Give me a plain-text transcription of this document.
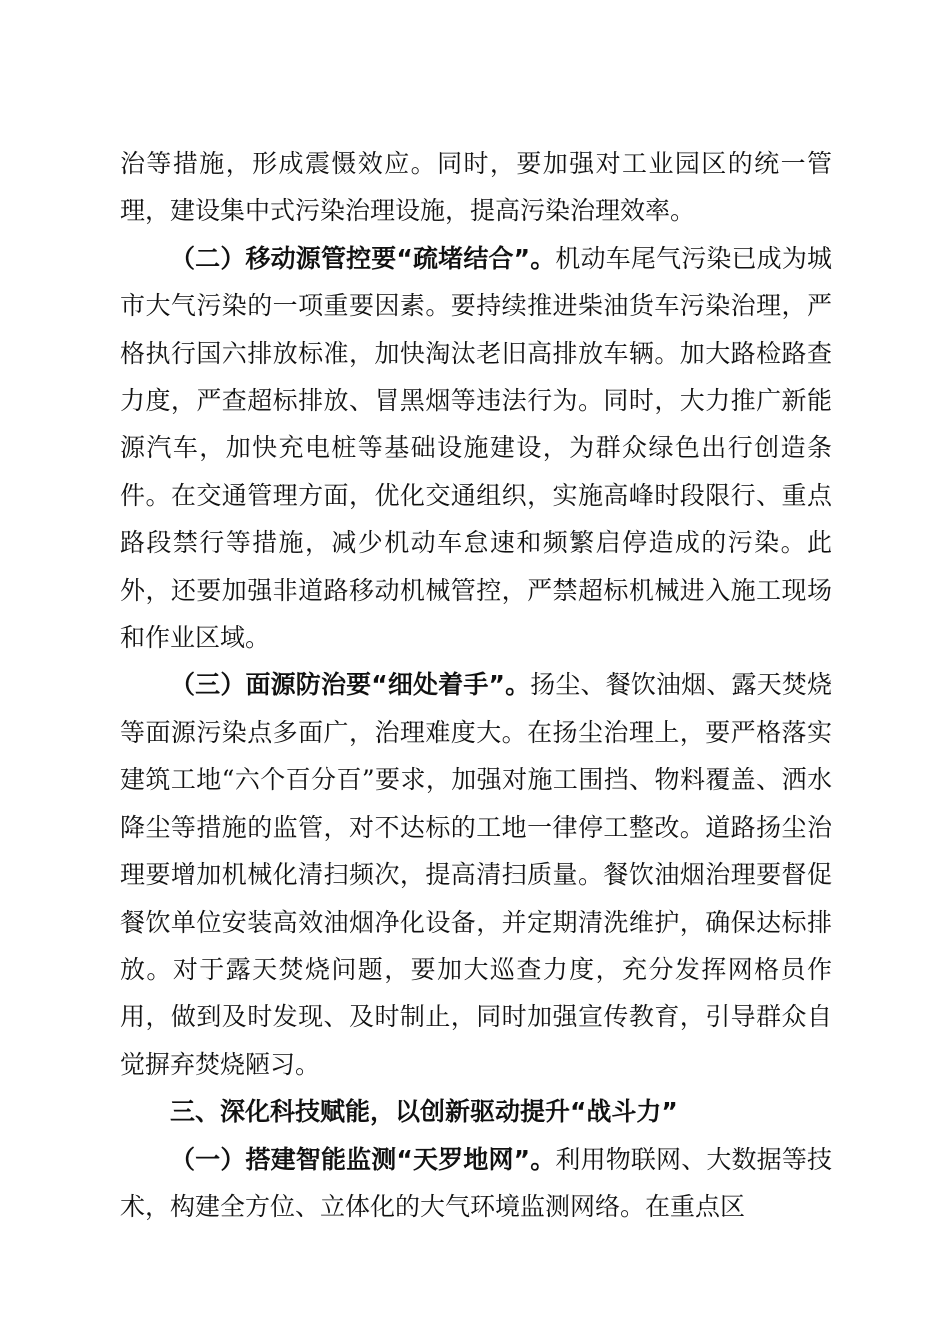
治等措施，形成震慑效应。同时，要加强对工业园区的统一管理，建设集中式污染治理设施，提高污染治理效率。

（二）移动源管控要“疏堵结合”。机动车尾气污染已成为城市大气污染的一项重要因素。要持续推进柴油货车污染治理，严格执行国六排放标准，加快淘汰老旧高排放车辆。加大路检路查力度，严查超标排放、冒黑烟等违法行为。同时，大力推广新能源汽车，加快充电桩等基础设施建设，为群众绿色出行创造条件。在交通管理方面，优化交通组织，实施高峰时段限行、重点路段禁行等措施，减少机动车怠速和频繁启停造成的污染。此外，还要加强非道路移动机械管控，严禁超标机械进入施工现场和作业区域。

（三）面源防治要“细处着手”。扬尘、餐饮油烟、露天焚烧等面源污染点多面广，治理难度大。在扬尘治理上，要严格落实建筑工地“六个百分百”要求，加强对施工围挡、物料覆盖、洒水降尘等措施的监管，对不达标的工地一律停工整改。道路扬尘治理要增加机械化清扫频次，提高清扫质量。餐饮油烟治理要督促餐饮单位安装高效油烟净化设备，并定期清洗维护，确保达标排放。对于露天焚烧问题，要加大巡查力度，充分发挥网格员作用，做到及时发现、及时制止，同时加强宣传教育，引导群众自觉摒弃焚烧陋习。

三、深化科技赋能，以创新驱动提升“战斗力”

（一）搭建智能监测“天罗地网”。利用物联网、大数据等技术，构建全方位、立体化的大气环境监测网络。在重点区
